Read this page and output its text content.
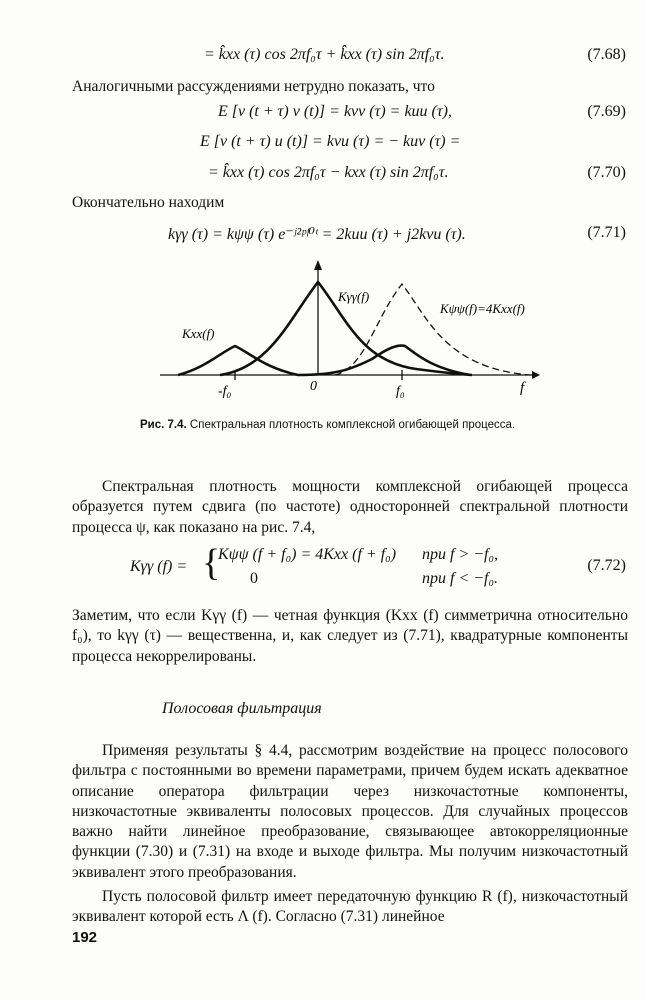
= k̂xx (τ) cos 2πf₀τ + k̂xx (τ) sin 2πf₀τ.	(7.68)
Аналогичными рассуждениями нетрудно показать, что
E [v (t + τ) v (t)] = kvv (τ) = kuu (τ),	(7.69)
E [v (t + τ) u (t)] = kvu (τ) = − kuv (τ) =
= k̂xx (τ) cos 2πf₀τ − kxx (τ) sin 2πf₀τ.	(7.70)
Окончательно находим
kγγ (τ) = kψψ (τ) e⁻ʲ²ᵖᶠ⁰ᵗ = 2kuu (τ) + j2kvu (τ).	(7.71)
Kxx(f)
Kγγ(f)
Kψψ(f)=4Kxx(f)
-f₀	0	f₀	f
Рис. 7.4. Спектральная плотность комплексной огибающей процесса.
Спектральная плотность мощности комплексной огибающей процесса образуется путем сдвига (по частоте) односторонней спектральной плотности процесса ψ, как показано на рис. 7.4,
Kγγ (f) = {
Kψψ (f + f₀) = 4Kxx (f + f₀) при f > −f₀,
0	при f < −f₀.
(7.72)
Заметим, что если Kγγ (f) — четная функция (Kxx (f) симметрична относительно f₀), то kγγ (τ) — вещественна, и, как следует из (7.71), квадратурные компоненты процесса некоррелированы.
Полосовая фильтрация
Применяя результаты § 4.4, рассмотрим воздействие на процесс полосового фильтра с постоянными во времени параметрами, причем будем искать адекватное описание оператора фильтрации через низкочастотные компоненты, низкочастотные эквиваленты полосовых процессов. Для случайных процессов важно найти линейное преобразование, связывающее автокорреляционные функции (7.30) и (7.31) на входе и выходе фильтра. Мы получим низкочастотный эквивалент этого преобразования.
Пусть полосовой фильтр имеет передаточную функцию R (f), низкочастотный эквивалент которой есть Λ (f). Согласно (7.31) линейное
192
